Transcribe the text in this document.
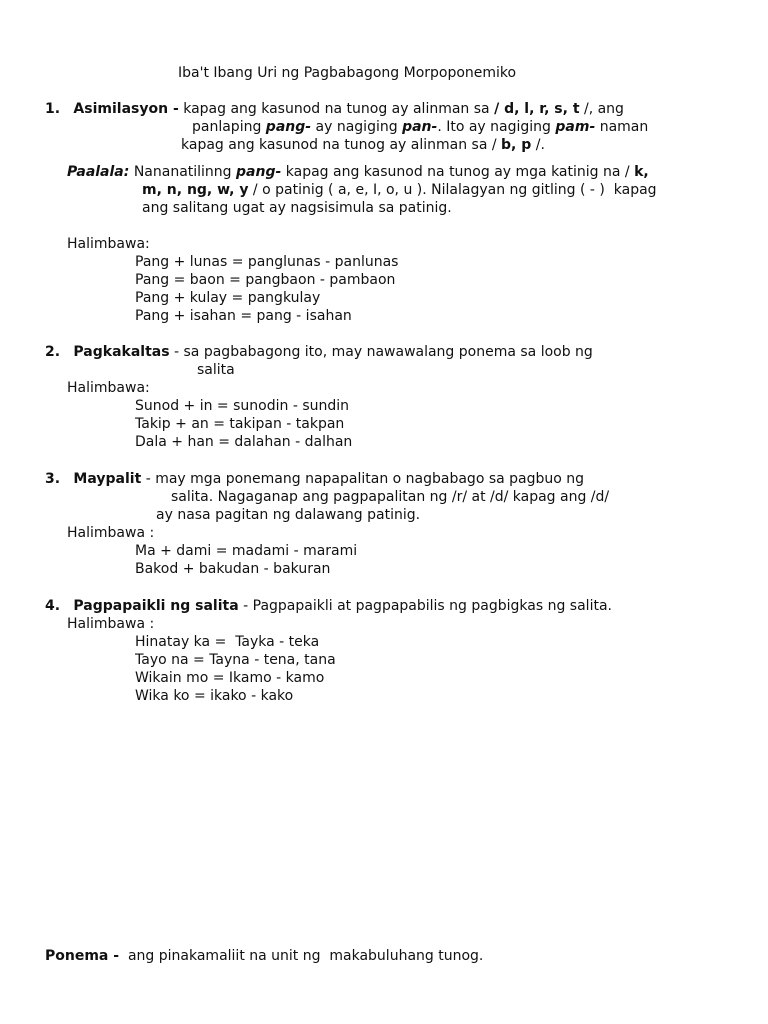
Iba't Ibang Uri ng Pagbabagong Morpoponemiko
1. Asimilasyon - kapag ang kasunod na tunog ay alinman sa / d, l, r, s, t /, ang
panlaping pang- ay nagiging pan-. Ito ay nagiging pam- naman
kapag ang kasunod na tunog ay alinman sa / b, p /.
Paalala: Nananatilinng pang- kapag ang kasunod na tunog ay mga katinig na / k,
m, n, ng, w, y / o patinig ( a, e, I, o, u ). Nilalagyan ng gitling ( - )  kapag
ang salitang ugat ay nagsisimula sa patinig.
Halimbawa:
Pang + lunas = panglunas - panlunas
Pang = baon = pangbaon - pambaon
Pang + kulay = pangkulay
Pang + isahan = pang - isahan
2. Pagkakaltas - sa pagbabagong ito, may nawawalang ponema sa loob ng
salita
Halimbawa:
Sunod + in = sunodin - sundin
Takip + an = takipan - takpan
Dala + han = dalahan - dalhan
3. Maypalit - may mga ponemang napapalitan o nagbabago sa pagbuo ng
salita. Nagaganap ang pagpapalitan ng /r/ at /d/ kapag ang /d/
ay nasa pagitan ng dalawang patinig.
Halimbawa :
Ma + dami = madami - marami
Bakod + bakudan - bakuran
4. Pagpapaikli ng salita - Pagpapaikli at pagpapabilis ng pagbigkas ng salita.
Halimbawa :
Hinatay ka =  Tayka - teka
Tayo na = Tayna - tena, tana
Wikain mo = Ikamo - kamo
Wika ko = ikako - kako
Ponema - ang pinakamaliit na unit ng  makabuluhang tunog.
